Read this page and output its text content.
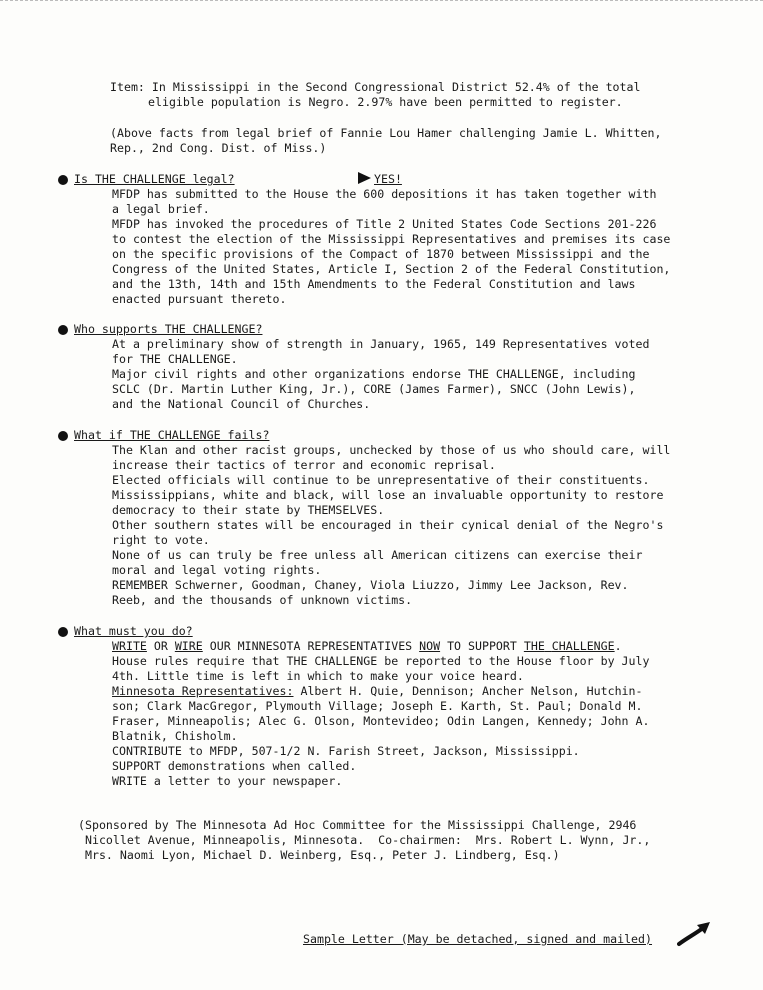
Item: In Mississippi in the Second Congressional District 52.4% of the total

eligible population is Negro. 2.97% have been permitted to register.

(Above facts from legal brief of Fannie Lou Hamer challenging Jamie L. Whitten,

Rep., 2nd Cong. Dist. of Miss.)

Is THE CHALLENGE legal?	YES!

MFDP has submitted to the House the 600 depositions it has taken together with

a legal brief.

MFDP has invoked the procedures of Title 2 United States Code Sections 201-226

to contest the election of the Mississippi Representatives and premises its case

on the specific provisions of the Compact of 1870 between Mississippi and the

Congress of the United States, Article I, Section 2 of the Federal Constitution,

and the 13th, 14th and 15th Amendments to the Federal Constitution and laws

enacted pursuant thereto.

Who supports THE CHALLENGE?

At a preliminary show of strength in January, 1965, 149 Representatives voted

for THE CHALLENGE.

Major civil rights and other organizations endorse THE CHALLENGE, including

SCLC (Dr. Martin Luther King, Jr.), CORE (James Farmer), SNCC (John Lewis),

and the National Council of Churches.

What if THE CHALLENGE fails?

The Klan and other racist groups, unchecked by those of us who should care, will

increase their tactics of terror and economic reprisal.

Elected officials will continue to be unrepresentative of their constituents.

Mississippians, white and black, will lose an invaluable opportunity to restore

democracy to their state by THEMSELVES.

Other southern states will be encouraged in their cynical denial of the Negro's

right to vote.

None of us can truly be free unless all American citizens can exercise their

moral and legal voting rights.

REMEMBER Schwerner, Goodman, Chaney, Viola Liuzzo, Jimmy Lee Jackson, Rev.

Reeb, and the thousands of unknown victims.

What must you do?

WRITE OR WIRE OUR MINNESOTA REPRESENTATIVES NOW TO SUPPORT THE CHALLENGE.

House rules require that THE CHALLENGE be reported to the House floor by July

4th. Little time is left in which to make your voice heard.

Minnesota Representatives: Albert H. Quie, Dennison; Ancher Nelson, Hutchin-

son; Clark MacGregor, Plymouth Village; Joseph E. Karth, St. Paul; Donald M.

Fraser, Minneapolis; Alec G. Olson, Montevideo; Odin Langen, Kennedy; John A.

Blatnik, Chisholm.

CONTRIBUTE to MFDP, 507-1/2 N. Farish Street, Jackson, Mississippi.

SUPPORT demonstrations when called.

WRITE a letter to your newspaper.

(Sponsored by The Minnesota Ad Hoc Committee for the Mississippi Challenge, 2946

Nicollet Avenue, Minneapolis, Minnesota.  Co-chairmen:  Mrs. Robert L. Wynn, Jr.,

Mrs. Naomi Lyon, Michael D. Weinberg, Esq., Peter J. Lindberg, Esq.)

Sample Letter (May be detached, signed and mailed)
